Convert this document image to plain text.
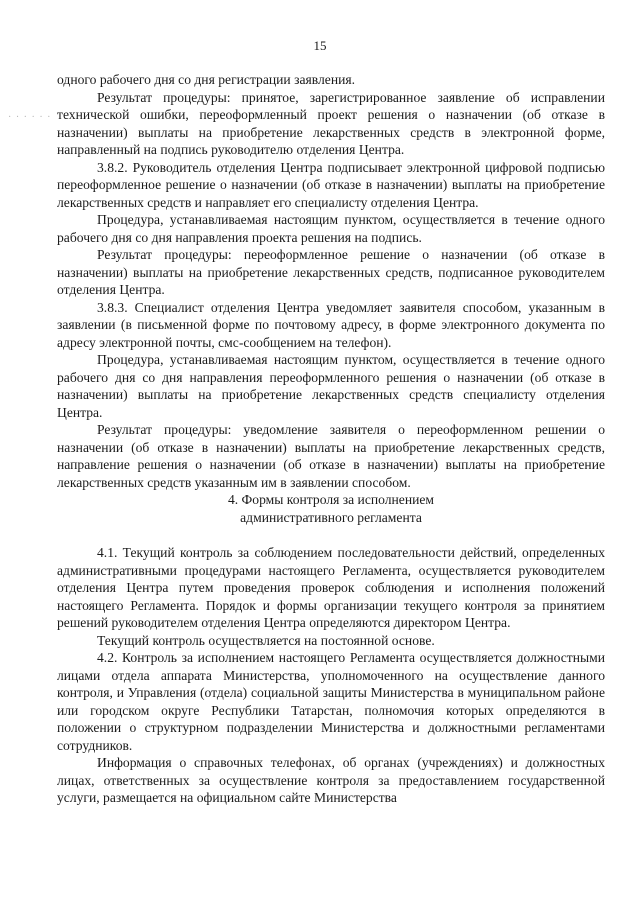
15
· · · · · ·

одного рабочего дня со дня регистрации заявления.

Результат процедуры: принятое, зарегистрированное заявление об исправлении технической ошибки, переоформленный проект решения о назначении (об отказе в назначении) выплаты на приобретение лекарственных средств в электронной форме, направленный на подпись руководителю отделения Центра.

3.8.2. Руководитель отделения Центра подписывает электронной цифровой подписью переоформленное решение о назначении (об отказе в назначении) выплаты на приобретение лекарственных средств и направляет его специалисту отделения Центра.

Процедура, устанавливаемая настоящим пунктом, осуществляется в течение одного рабочего дня со дня направления проекта решения на подпись.

Результат процедуры: переоформленное решение о назначении (об отказе в назначении) выплаты на приобретение лекарственных средств, подписанное руководителем отделения Центра.

3.8.3. Специалист отделения Центра уведомляет заявителя способом, указанным в заявлении (в письменной форме по почтовому адресу, в форме электронного документа по адресу электронной почты, смс-сообщением на телефон).

Процедура, устанавливаемая настоящим пунктом, осуществляется в течение одного рабочего дня со дня направления переоформленного решения о назначении (об отказе в назначении) выплаты на приобретение лекарственных средств специалисту отделения Центра.

Результат процедуры: уведомление заявителя о переоформленном решении о назначении (об отказе в назначении) выплаты на приобретение лекарственных средств, направление решения о назначении (об отказе в назначении) выплаты на приобретение лекарственных средств указанным им в заявлении способом.

4. Формы контроля за исполнением

административного регламента

4.1. Текущий контроль за соблюдением последовательности действий, определенных административными процедурами настоящего Регламента, осуществляется руководителем отделения Центра путем проведения проверок соблюдения и исполнения положений настоящего Регламента. Порядок и формы организации текущего контроля за принятием решений руководителем отделения Центра определяются директором Центра.

Текущий контроль осуществляется на постоянной основе.

4.2. Контроль за исполнением настоящего Регламента осуществляется должностными лицами отдела аппарата Министерства, уполномоченного на осуществление данного контроля, и Управления (отдела) социальной защиты Министерства в муниципальном районе или городском округе Республики Татарстан, полномочия которых определяются в положении о структурном подразделении Министерства и должностными регламентами сотрудников.

Информация о справочных телефонах, об органах (учреждениях) и должностных лицах, ответственных за осуществление контроля за предоставлением государственной услуги, размещается на официальном сайте Министерства
